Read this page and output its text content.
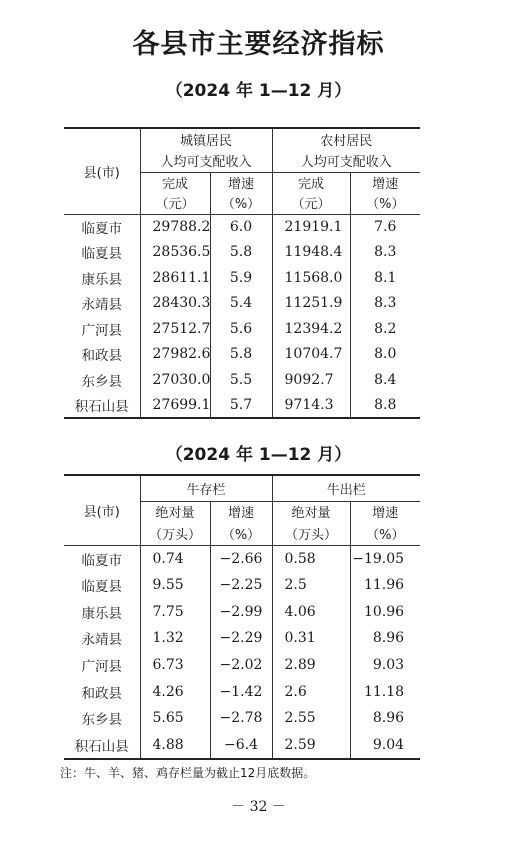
各县市主要经济指标
（2024 年 1—12 月）
县(市)	城镇居民		农村居民	
	人均可支配收入		人均可支配收入	
	完成	增速	完成	增速
	（元）	（%）	（元）	（%）
临夏市	29788.2	6.0	21919.1	7.6
临夏县	28536.5	5.8	11948.4	8.3
康乐县	28611.1	5.9	11568.0	8.1
永靖县	28430.3	5.4	11251.9	8.3
广河县	27512.7	5.6	12394.2	8.2
和政县	27982.6	5.8	10704.7	8.0
东乡县	27030.0	5.5	9092.7	8.4
积石山县	27699.1	5.7	9714.3	8.8
（2024 年 1—12 月）
县(市)	牛存栏		牛出栏	
	绝对量	增速	绝对量	增速
	（万头）	（%）	（万头）	（%）
临夏市	0.74	−2.66	0.58	−19.05
临夏县	9.55	−2.25	2.5	11.96
康乐县	7.75	−2.99	4.06	10.96
永靖县	1.32	−2.29	0.31	8.96
广河县	6.73	−2.02	2.89	9.03
和政县	4.26	−1.42	2.6	11.18
东乡县	5.65	−2.78	2.55	8.96
积石山县	4.88	−6.4	2.59	9.04
注：牛、羊、猪、鸡存栏量为截止12月底数据。
－ 32 －
